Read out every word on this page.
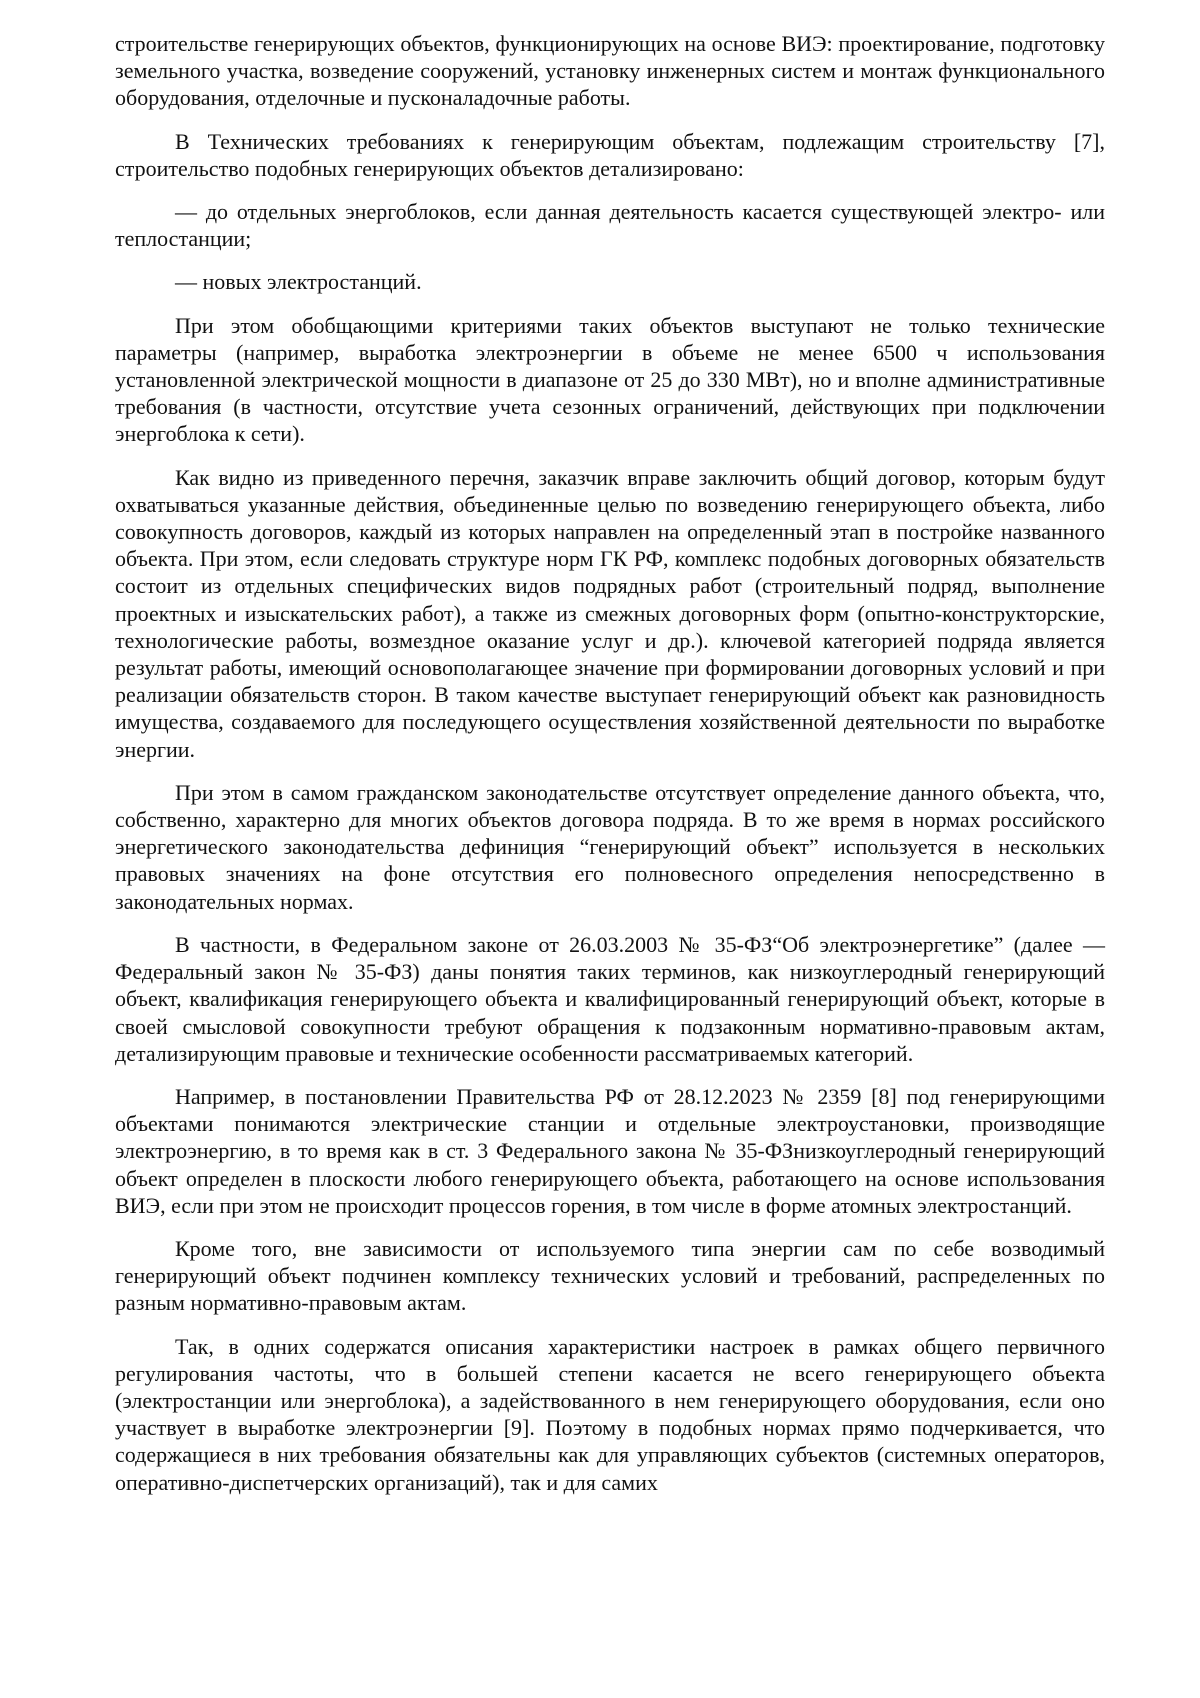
строительстве генерирующих объектов, функционирующих на основе ВИЭ: проектирование, подготовку земельного участка, возведение сооружений, установку инженерных систем и монтаж функционального оборудования, отделочные и пусконаладочные работы.

В Технических требованиях к генерирующим объектам, подлежащим строительству [7], строительство подобных генерирующих объектов детализировано:

— до отдельных энергоблоков, если данная деятельность касается существующей электро- или теплостанции;

— новых электростанций.

При этом обобщающими критериями таких объектов выступают не только технические параметры (например, выработка электроэнергии в объеме не менее 6500 ч использования установленной электрической мощности в диапазоне от 25 до 330 МВт), но и вполне административные требования (в частности, отсутствие учета сезонных ограничений, действующих при подключении энергоблока к сети).

Как видно из приведенного перечня, заказчик вправе заключить общий договор, которым будут охватываться указанные действия, объединенные целью по возведению генерирующего объекта, либо совокупность договоров, каждый из которых направлен на определенный этап в постройке названного объекта. При этом, если следовать структуре норм ГК РФ, комплекс подобных договорных обязательств состоит из отдельных специфических видов подрядных работ (строительный подряд, выполнение проектных и изыскательских работ), а также из смежных договорных форм (опытно-конструкторские, технологические работы, возмездное оказание услуг и др.). ключевой категорией подряда является результат работы, имеющий основополагающее значение при формировании договорных условий и при реализации обязательств сторон. В таком качестве выступает генерирующий объект как разновидность имущества, создаваемого для последующего осуществления хозяйственной деятельности по выработке энергии.

При этом в самом гражданском законодательстве отсутствует определение данного объекта, что, собственно, характерно для многих объектов договора подряда. В то же время в нормах российского энергетического законодательства дефиниция “генерирующий объект” используется в нескольких правовых значениях на фоне отсутствия его полновесного определения непосредственно в законодательных нормах.

В частности, в Федеральном законе от 26.03.2003 № 35-ФЗ“Об электроэнергетике” (далее — Федеральный закон № 35-ФЗ) даны понятия таких терминов, как низкоуглеродный генерирующий объект, квалификация генерирующего объекта и квалифицированный генерирующий объект, которые в своей смысловой совокупности требуют обращения к подзаконным нормативно-правовым актам, детализирующим правовые и технические особенности рассматриваемых категорий.

Например, в постановлении Правительства РФ от 28.12.2023 № 2359 [8] под генерирующими объектами понимаются электрические станции и отдельные электроустановки, производящие электроэнергию, в то время как в ст. 3 Федерального закона № 35-ФЗнизкоуглеродный генерирующий объект определен в плоскости любого генерирующего объекта, работающего на основе использования ВИЭ, если при этом не происходит процессов горения, в том числе в форме атомных электростанций.

Кроме того, вне зависимости от используемого типа энергии сам по себе возводимый генерирующий объект подчинен комплексу технических условий и требований, распределенных по разным нормативно-правовым актам.

Так, в одних содержатся описания характеристики настроек в рамках общего первичного регулирования частоты, что в большей степени касается не всего генерирующего объекта (электростанции или энергоблока), а задействованного в нем генерирующего оборудования, если оно участвует в выработке электроэнергии [9]. Поэтому в подобных нормах прямо подчеркивается, что содержащиеся в них требования обязательны как для управляющих субъектов (системных операторов, оперативно-диспетчерских организаций), так и для самих
